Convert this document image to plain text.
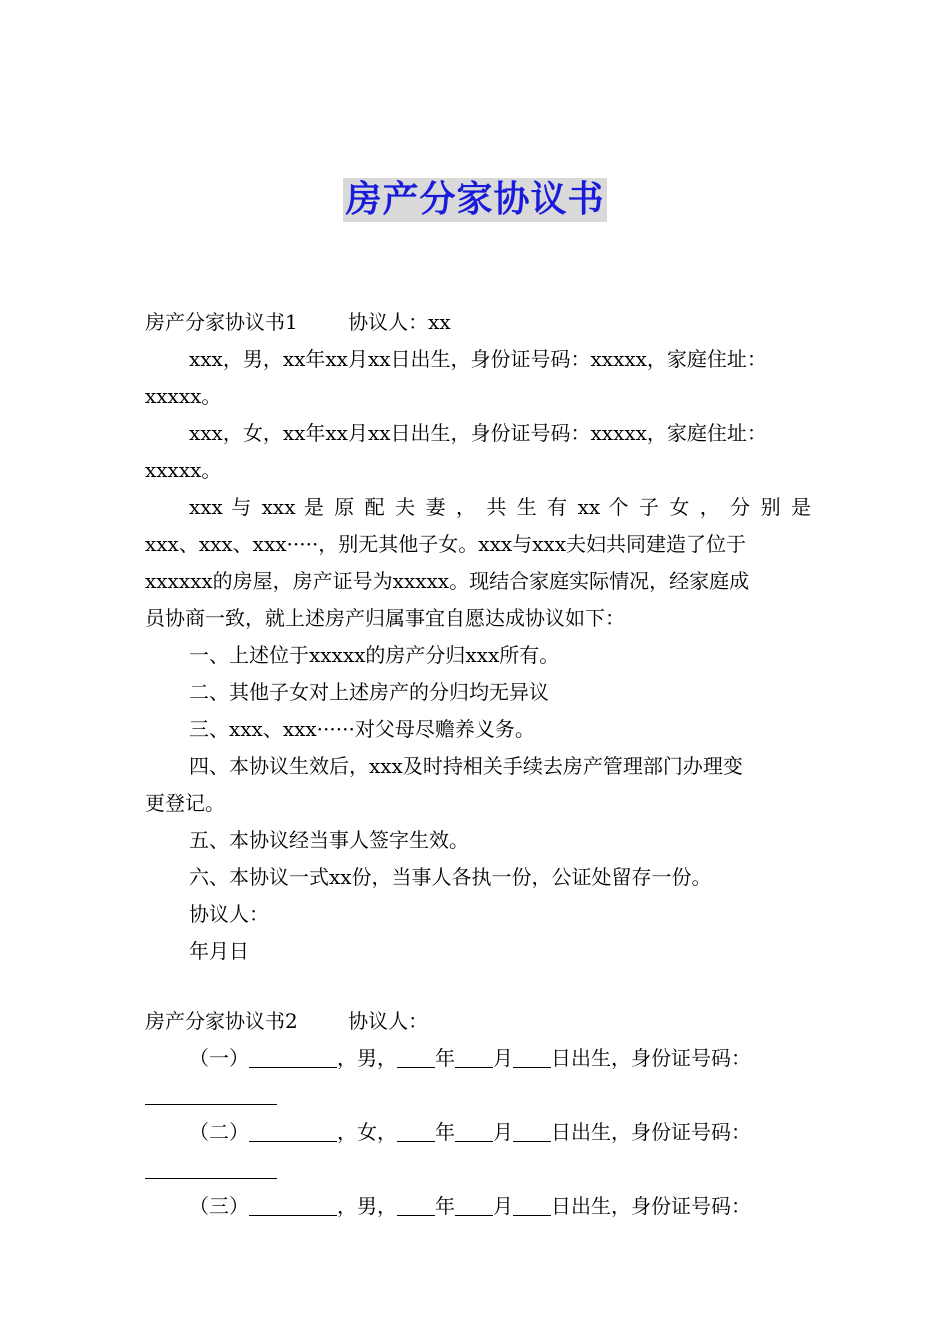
房产分家协议书
房产分家协议书1	协议人：xx
xxx，男，xx年xx月xx日出生，身份证号码：xxxxx，家庭住址：
xxxxx。
xxx，女，xx年xx月xx日出生，身份证号码：xxxxx，家庭住址：
xxxxx。
xxx 与 xxx 是 原 配 夫 妻 ， 共 生 有 xx 个 子 女 ， 分 别 是
xxx、xxx、xxx·····，别无其他子女。xxx与xxx夫妇共同建造了位于
xxxxxx的房屋，房产证号为xxxxx。现结合家庭实际情况，经家庭成
员协商一致，就上述房产归属事宜自愿达成协议如下：
一、上述位于xxxxx的房产分归xxx所有。
二、其他子女对上述房产的分归均无异议
三、xxx、xxx······对父母尽赡养义务。
四、本协议生效后，xxx及时持相关手续去房产管理部门办理变
更登记。
五、本协议经当事人签字生效。
六、本协议一式xx份，当事人各执一份，公证处留存一份。
协议人：
年月日
房产分家协议书2	协议人：
（一）	，男， 年 月 日出生，身份证号码：
（二）	，女， 年 月 日出生，身份证号码：
（三）	，男， 年 月 日出生，身份证号码：
